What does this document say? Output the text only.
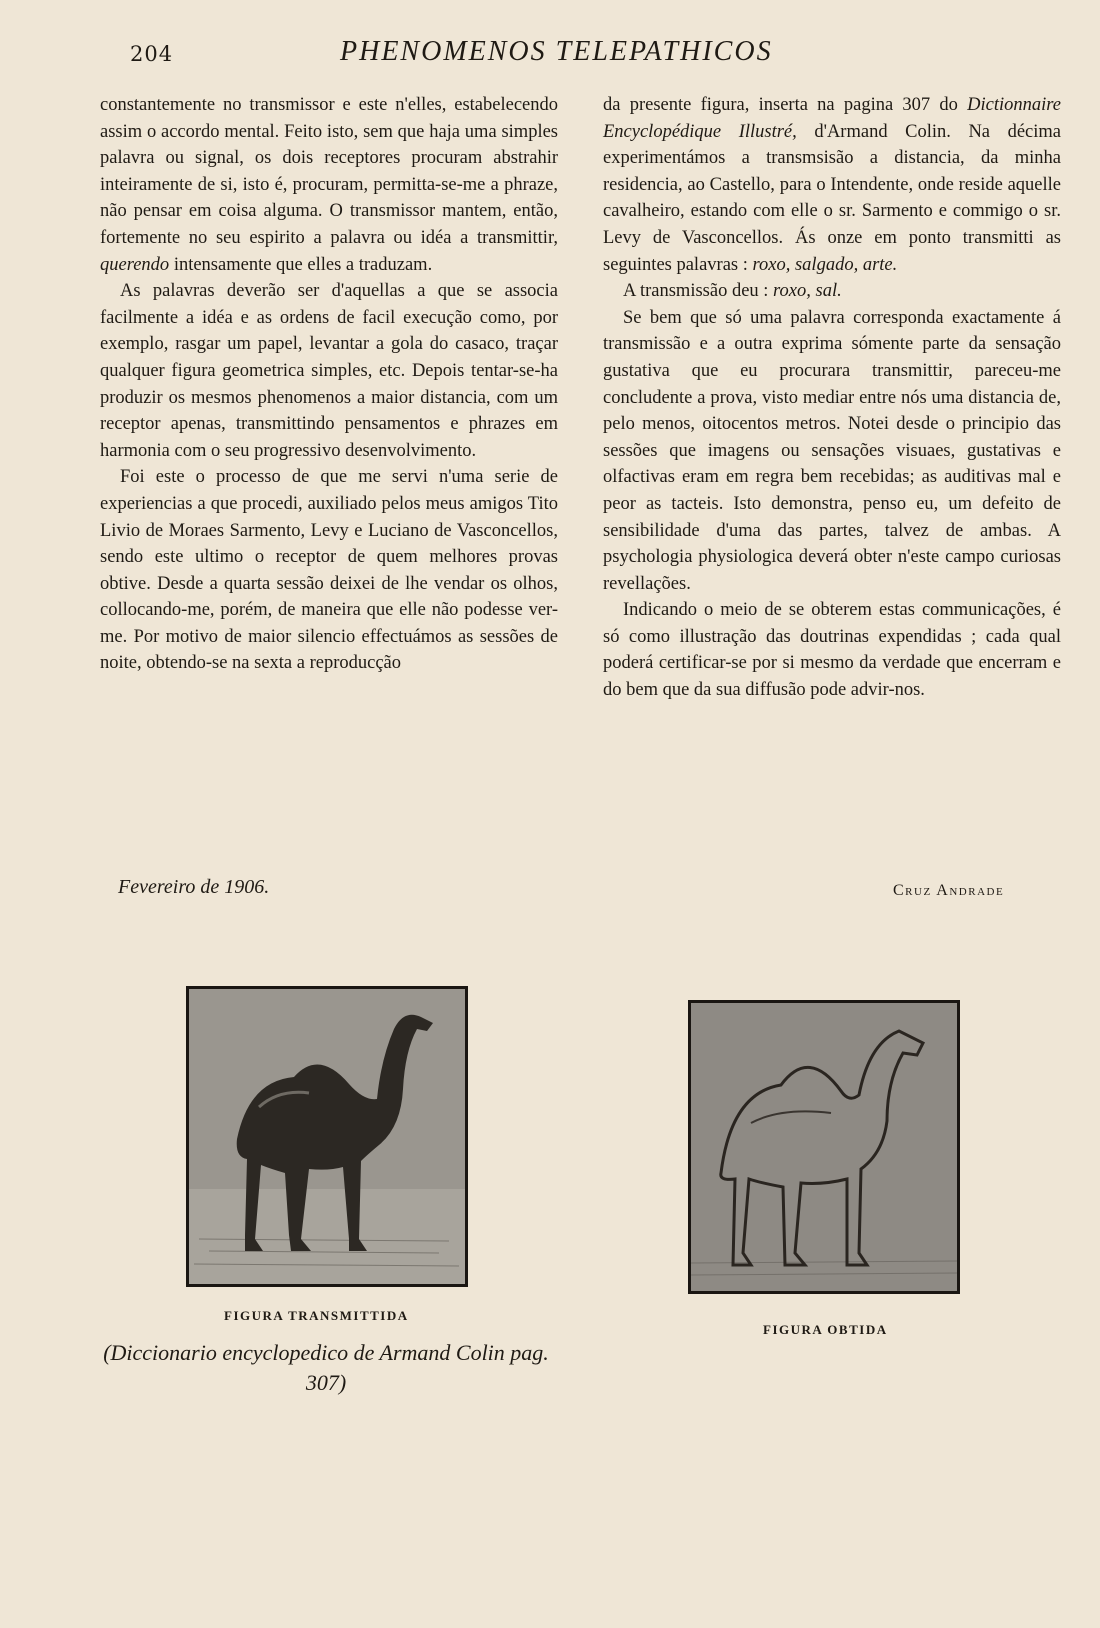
204	PHENOMENOS TELEPATHICOS

constantemente no transmissor e este n'elles, estabelecendo assim o accordo mental. Feito isto, sem que haja uma simples palavra ou signal, os dois receptores procuram abstrahir inteiramente de si, isto é, procuram, permitta-se-me a phraze, não pensar em coisa alguma. O transmissor mantem, então, fortemente no seu espirito a palavra ou idéa a transmittir, querendo intensamente que elles a traduzam.

As palavras deverão ser d'aquellas a que se associa facilmente a idéa e as ordens de facil execução como, por exemplo, rasgar um papel, levantar a gola do casaco, traçar qualquer figura geometrica simples, etc. Depois tentar-se-ha produzir os mesmos phenomenos a maior distancia, com um receptor apenas, transmittindo pensamentos e phrazes em harmonia com o seu progressivo desenvolvimento.

Foi este o processo de que me servi n'uma serie de experiencias a que procedi, auxiliado pelos meus amigos Tito Livio de Moraes Sarmento, Levy e Luciano de Vasconcellos, sendo este ultimo o receptor de quem melhores provas obtive. Desde a quarta sessão deixei de lhe vendar os olhos, collocando-me, porém, de maneira que elle não podesse ver-me. Por motivo de maior silencio effectuámos as sessões de noite, obtendo-se na sexta a reproducção

da presente figura, inserta na pagina 307 do Dictionnaire Encyclopédique Illustré, d'Armand Colin. Na décima experimentámos a transmsisão a distancia, da minha residencia, ao Castello, para o Intendente, onde reside aquelle cavalheiro, estando com elle o sr. Sarmento e commigo o sr. Levy de Vasconcellos. Ás onze em ponto transmitti as seguintes palavras : roxo, salgado, arte.

A transmissão deu : roxo, sal.

Se bem que só uma palavra corresponda exactamente á transmissão e a outra exprima sómente parte da sensação gustativa que eu procurara transmittir, pareceu-me concludente a prova, visto mediar entre nós uma distancia de, pelo menos, oitocentos metros. Notei desde o principio das sessões que imagens ou sensações visuaes, gustativas e olfactivas eram em regra bem recebidas; as auditivas mal e peor as tacteis. Isto demonstra, penso eu, um defeito de sensibilidade d'uma das partes, talvez de ambas. A psychologia physiologica deverá obter n'este campo curiosas revellações.

Indicando o meio de se obterem estas communicações, é só como illustração das doutrinas expendidas ; cada qual poderá certificar-se por si mesmo da verdade que encerram e do bem que da sua diffusão pode advir-nos.

Fevereiro de 1906.	Cruz Andrade
FIGURA TRANSMITTIDA
FIGURA OBTIDA
(Diccionario encyclopedico de Armand Colin pag. 307)
